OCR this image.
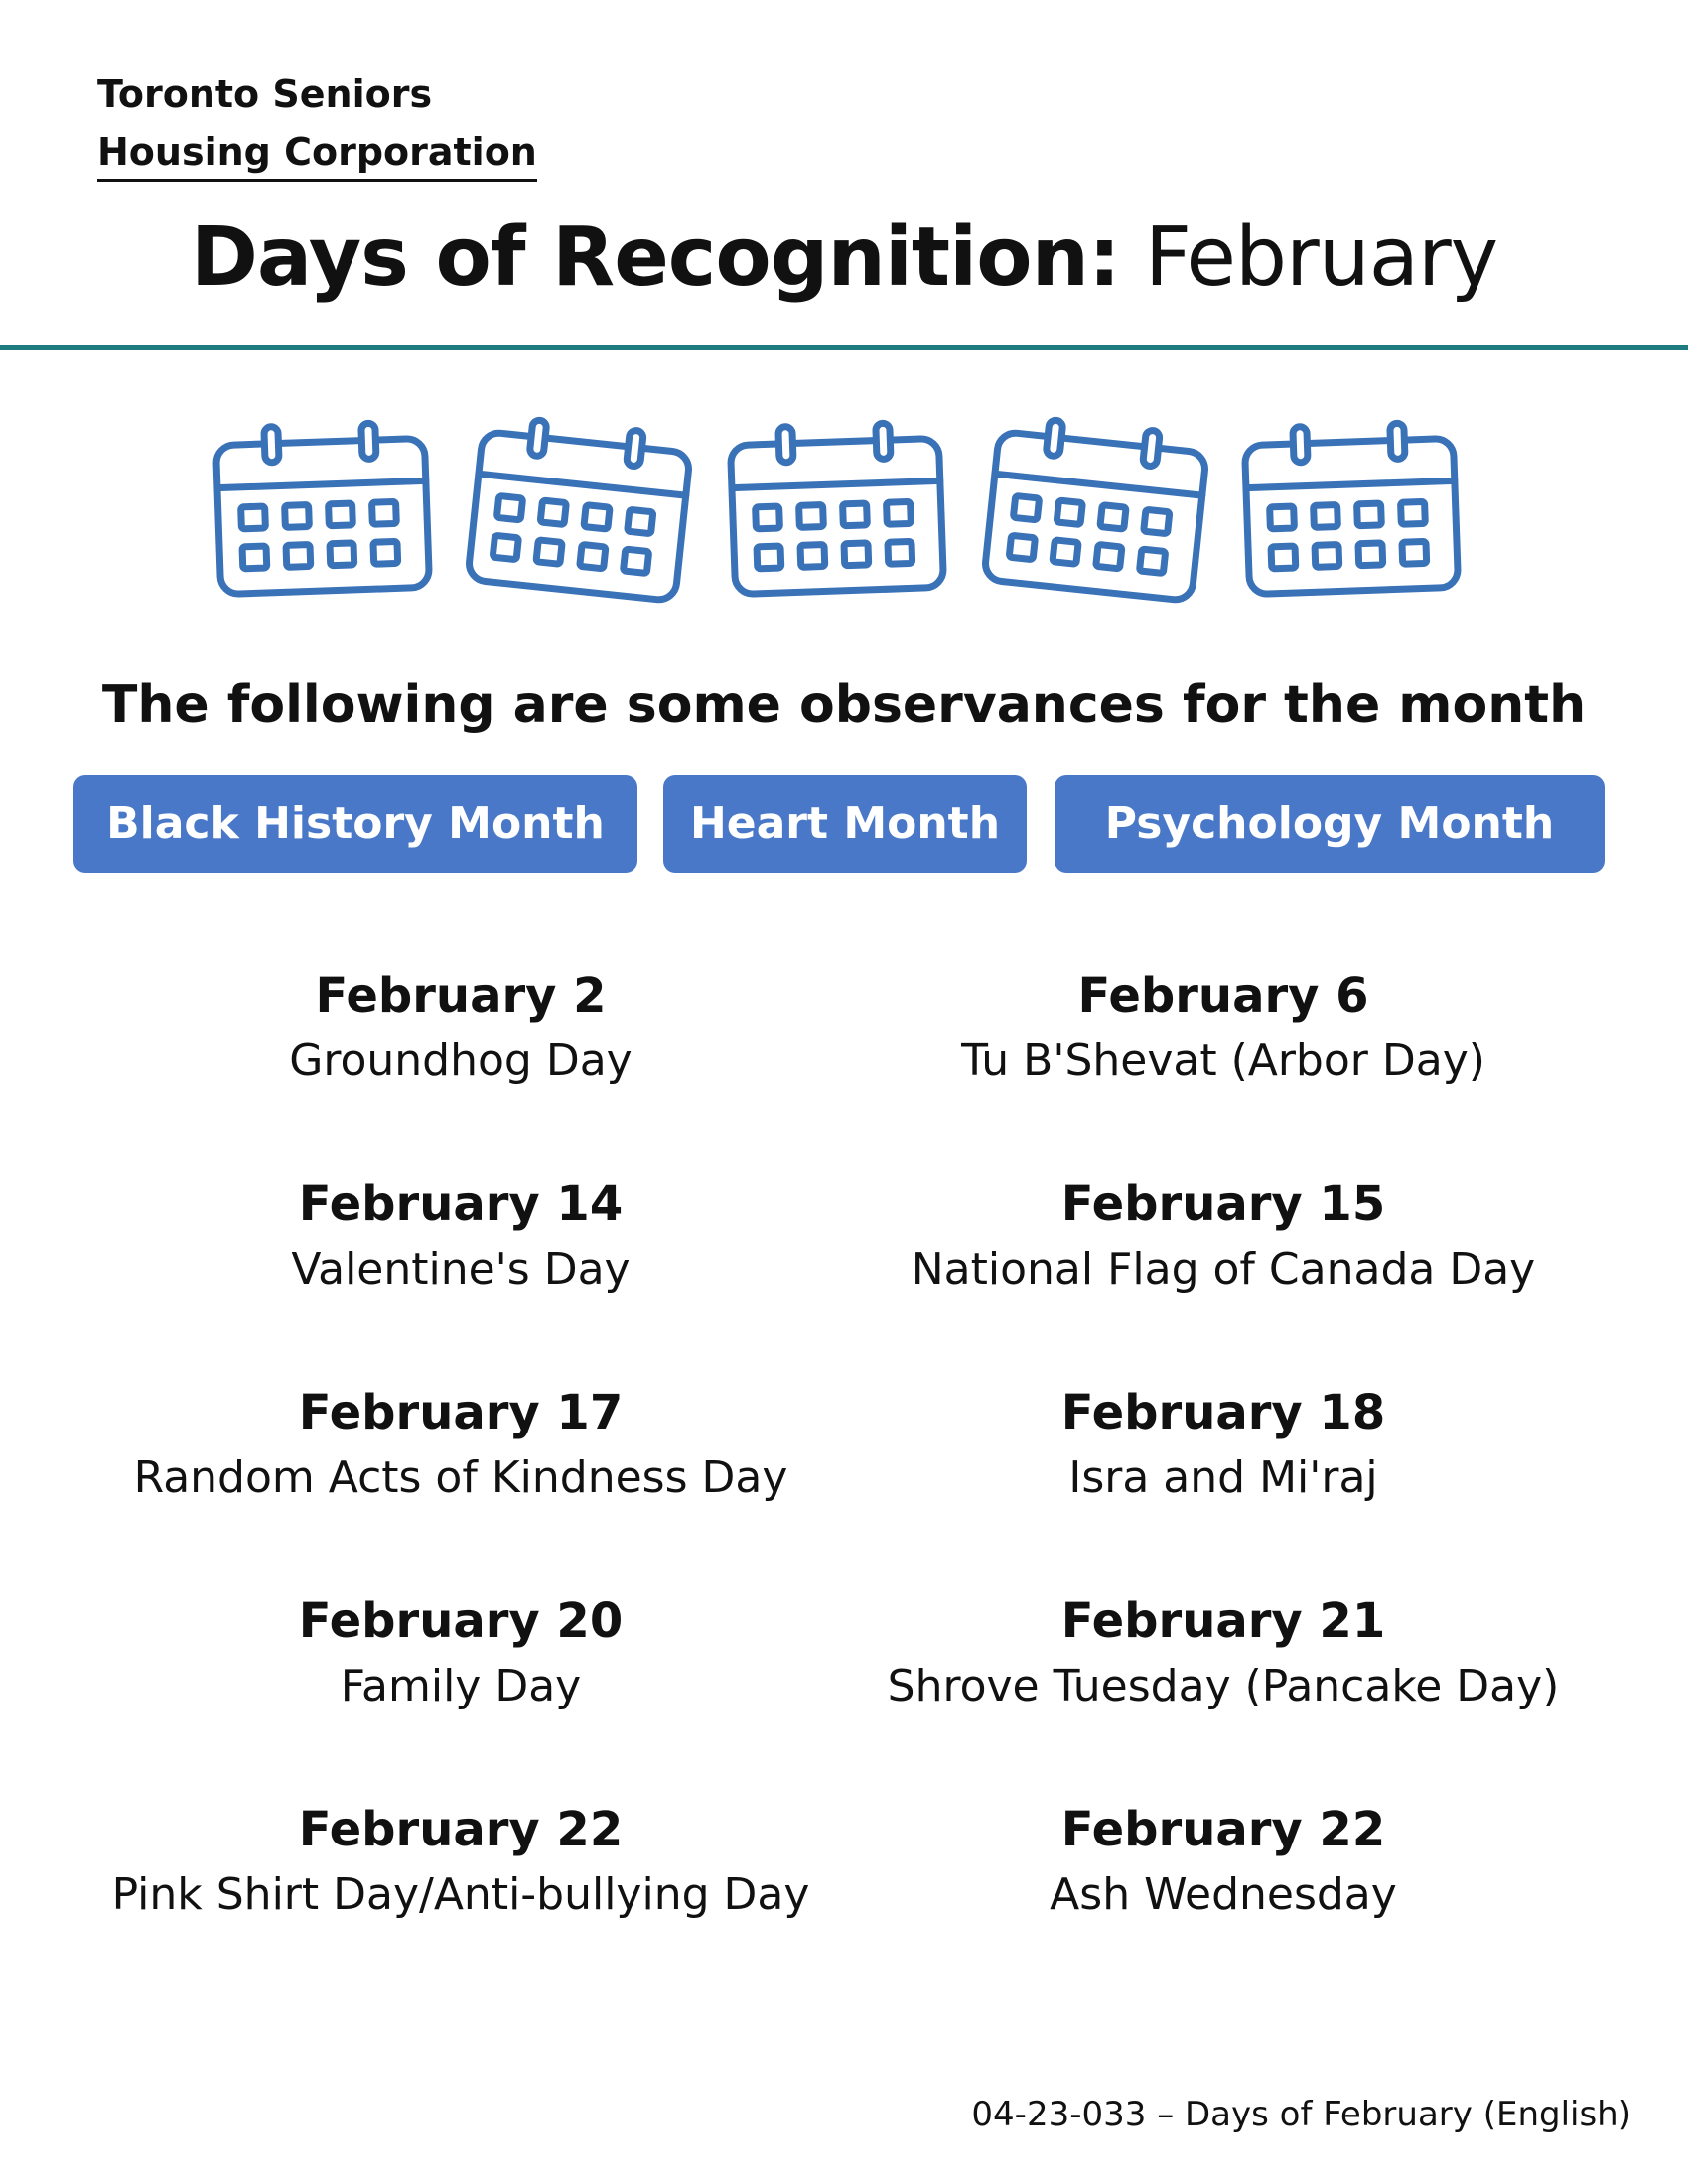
Toronto Seniors
Housing Corporation
Days of Recognition: February
The following are some observances for the month
Black History Month	Heart Month	Psychology Month
February 2
Groundhog Day
February 6
Tu B'Shevat (Arbor Day)
February 14
Valentine's Day
February 15
National Flag of Canada Day
February 17
Random Acts of Kindness Day
February 18
Isra and Mi'raj
February 20
Family Day
February 21
Shrove Tuesday (Pancake Day)
February 22
Pink Shirt Day/Anti-bullying Day
February 22
Ash Wednesday
04-23-033 – Days of February (English)
